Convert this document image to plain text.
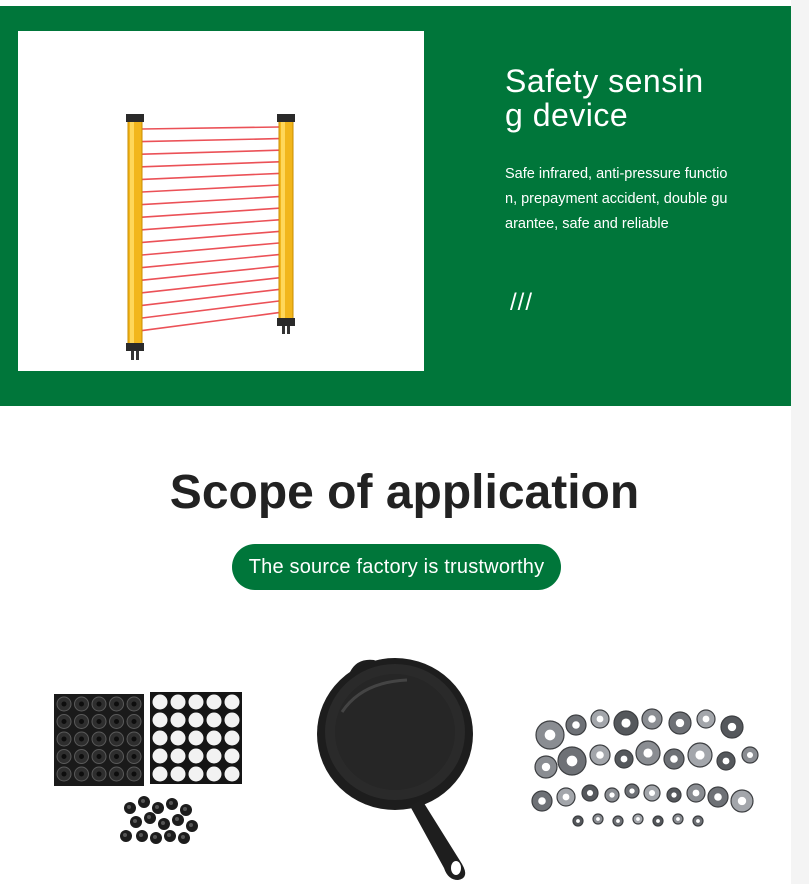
Safety sensing device

Safe infrared, anti-pressure function, prepayment accident, double guarantee, safe and reliable

///
Scope of application
The source factory is trustworthy
